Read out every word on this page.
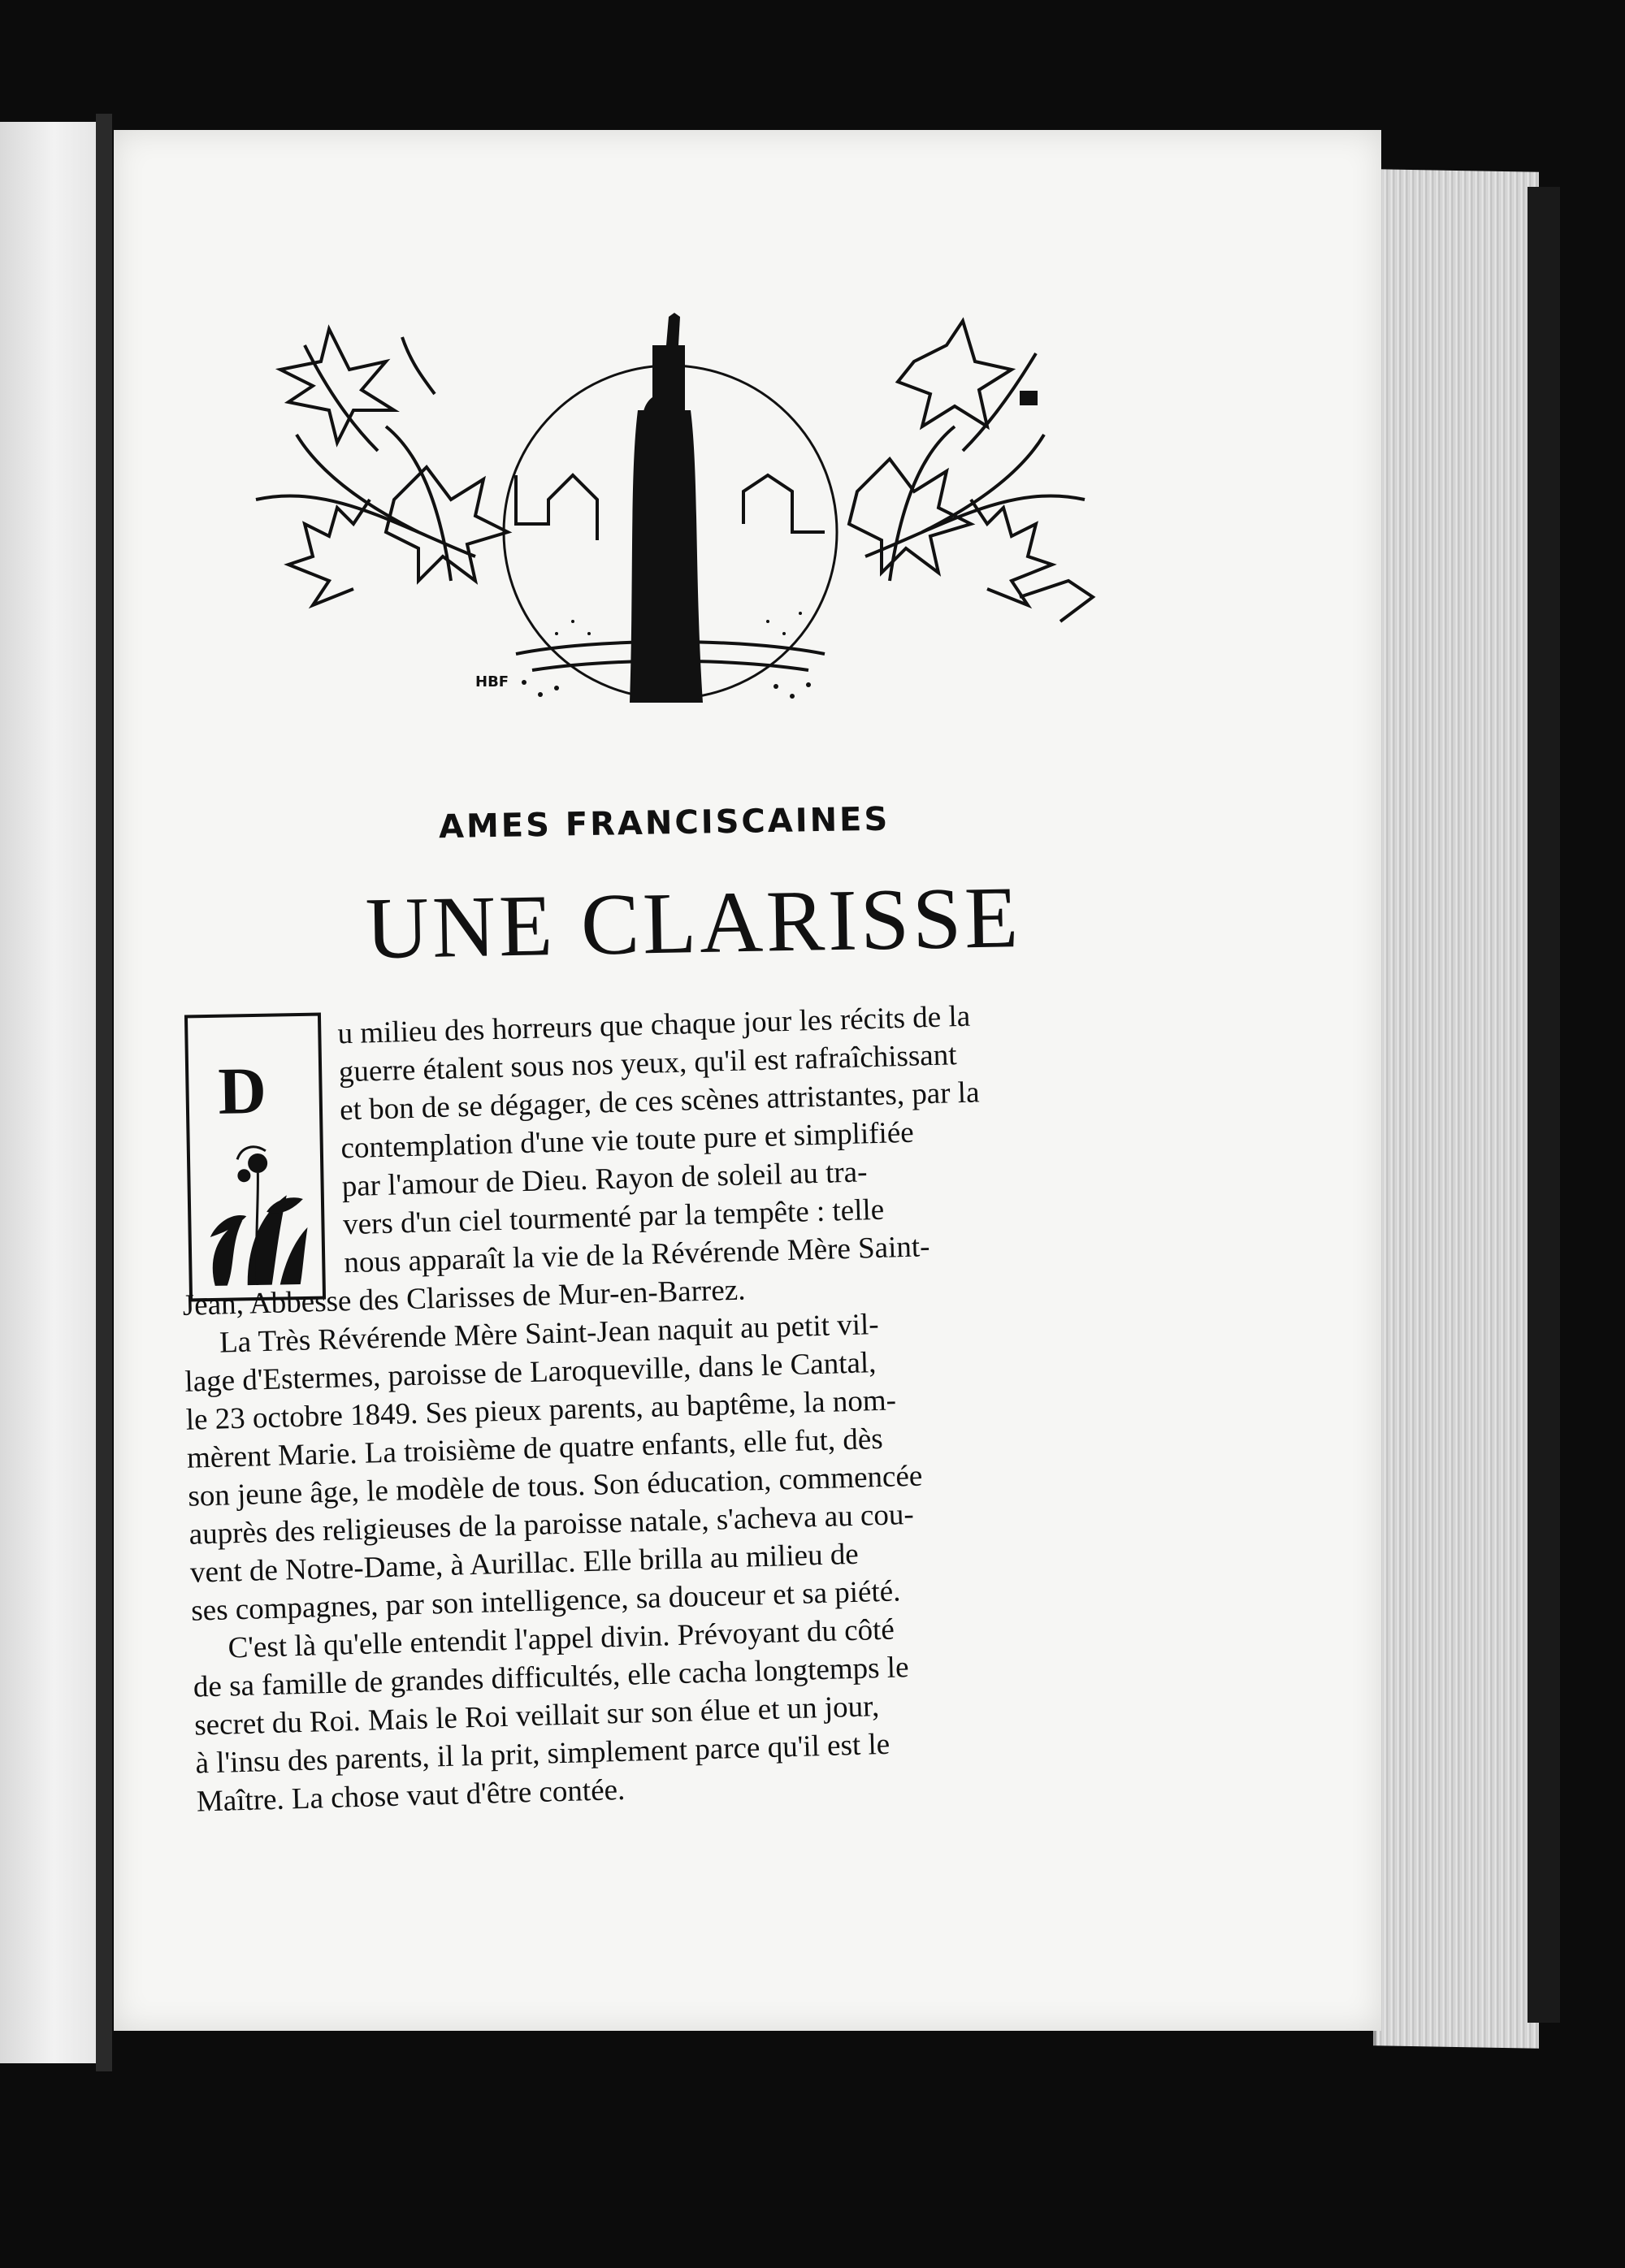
HBF
AMES FRANCISCAINES
UNE CLARISSE
D

u milieu des horreurs que chaque jour les récits de la
guerre étalent sous nos yeux, qu'il est rafraîchissant
et bon de se dégager, de ces scènes attristantes, par la
contemplation d'une vie toute pure et simplifiée
par l'amour de Dieu. Rayon de soleil au tra-
vers d'un ciel tourmenté par la tempête : telle
nous apparaît la vie de la Révérende Mère Saint-
Jean, Abbesse des Clarisses de Mur-en-Barrez.

La Très Révérende Mère Saint-Jean naquit au petit vil-
lage d'Estermes, paroisse de Laroqueville, dans le Cantal,
le 23 octobre 1849. Ses pieux parents, au baptême, la nom-
mèrent Marie. La troisième de quatre enfants, elle fut, dès
son jeune âge, le modèle de tous. Son éducation, commencée
auprès des religieuses de la paroisse natale, s'acheva au cou-
vent de Notre-Dame, à Aurillac. Elle brilla au milieu de
ses compagnes, par son intelligence, sa douceur et sa piété.

C'est là qu'elle entendit l'appel divin. Prévoyant du côté
de sa famille de grandes difficultés, elle cacha longtemps le
secret du Roi. Mais le Roi veillait sur son élue et un jour,
à l'insu des parents, il la prit, simplement parce qu'il est le
Maître. La chose vaut d'être contée.
